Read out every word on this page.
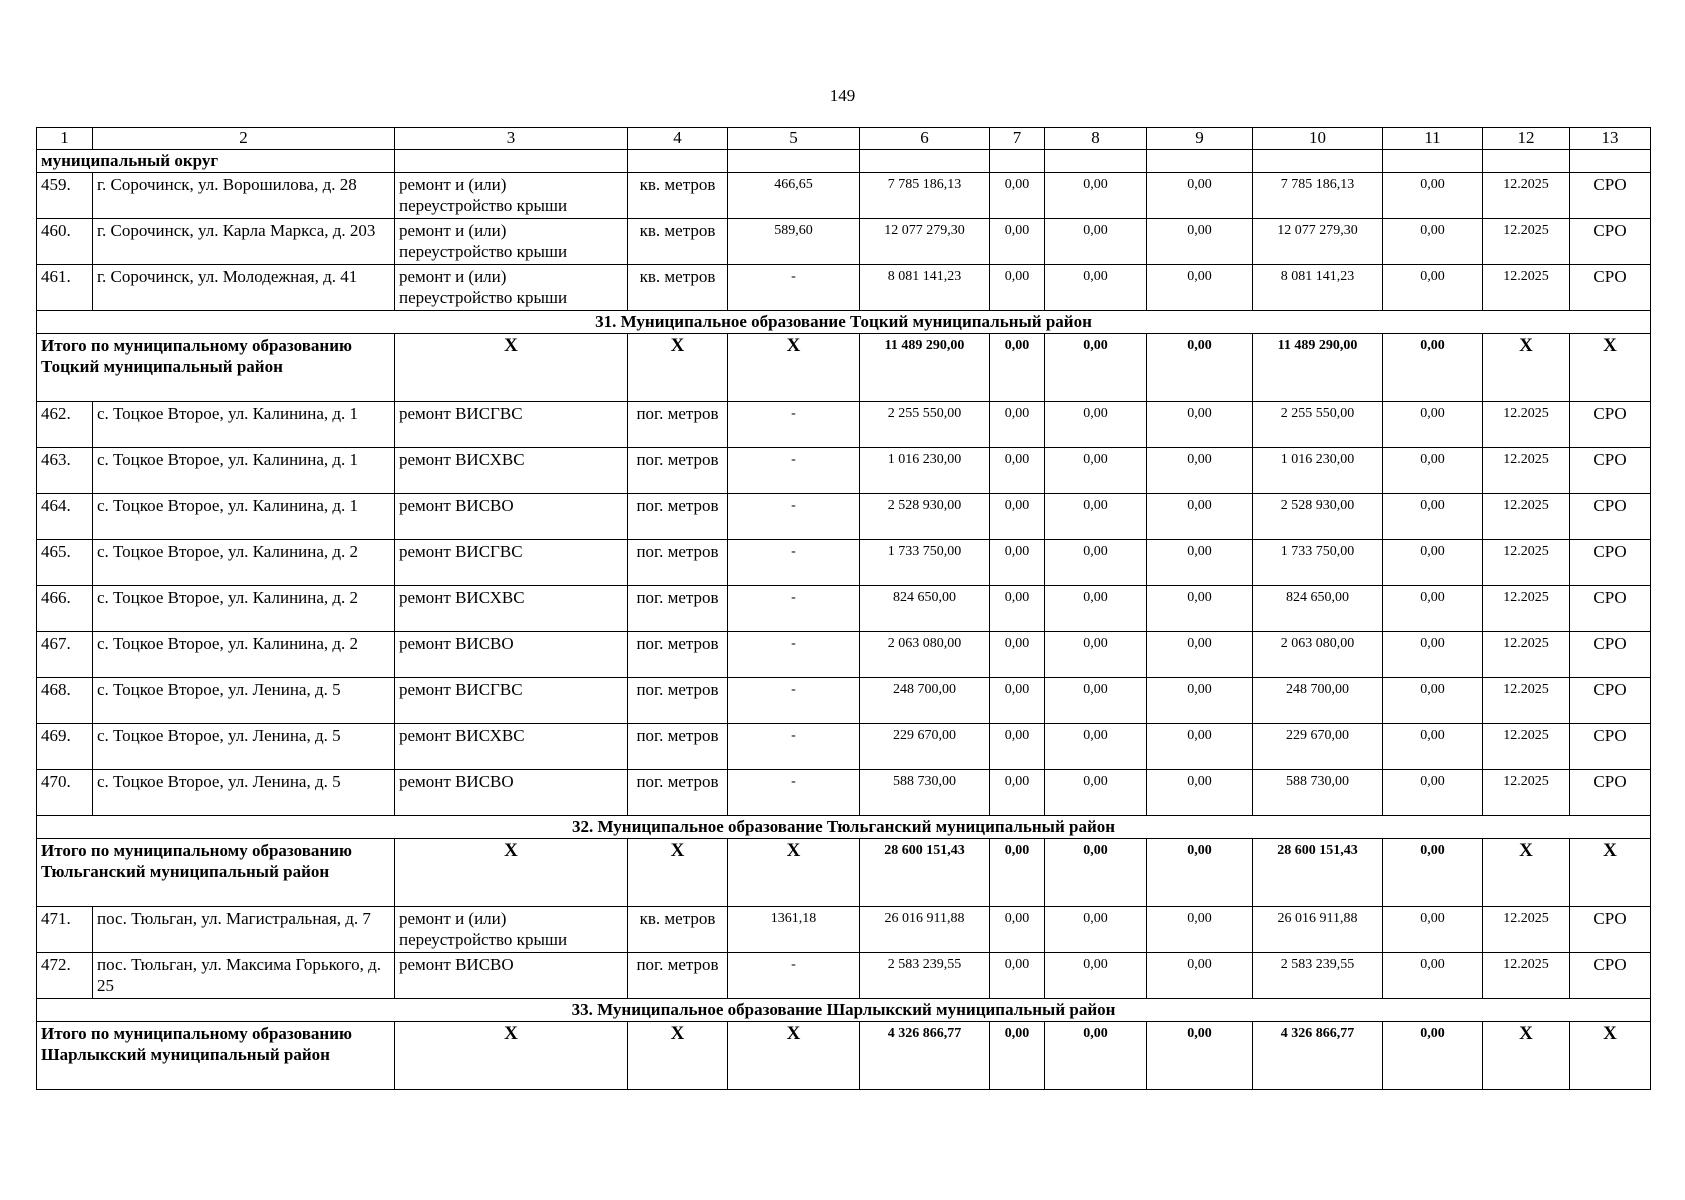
149
1	2	3	4	5	6	7	8	9	10	11	12	13
муниципальный округ												
459.	г. Сорочинск, ул. Ворошилова, д. 28	ремонт и (или) переустройство крыши	кв. метров	466,65	7 785 186,13	0,00	0,00	0,00	7 785 186,13	0,00	12.2025	СРО
460.	г. Сорочинск, ул. Карла Маркса, д. 203	ремонт и (или) переустройство крыши	кв. метров	589,60	12 077 279,30	0,00	0,00	0,00	12 077 279,30	0,00	12.2025	СРО
461.	г. Сорочинск, ул. Молодежная, д. 41	ремонт и (или) переустройство крыши	кв. метров	-	8 081 141,23	0,00	0,00	0,00	8 081 141,23	0,00	12.2025	СРО
31. Муниципальное образование Тоцкий муниципальный район												
Итого по муниципальному образованию Тоцкий муниципальный район		Х	Х	Х	11 489 290,00	0,00	0,00	0,00	11 489 290,00	0,00	Х	Х
462.	с. Тоцкое Второе, ул. Калинина, д. 1	ремонт ВИСГВС	пог. метров	-	2 255 550,00	0,00	0,00	0,00	2 255 550,00	0,00	12.2025	СРО
463.	с. Тоцкое Второе, ул. Калинина, д. 1	ремонт ВИСХВС	пог. метров	-	1 016 230,00	0,00	0,00	0,00	1 016 230,00	0,00	12.2025	СРО
464.	с. Тоцкое Второе, ул. Калинина, д. 1	ремонт ВИСВО	пог. метров	-	2 528 930,00	0,00	0,00	0,00	2 528 930,00	0,00	12.2025	СРО
465.	с. Тоцкое Второе, ул. Калинина, д. 2	ремонт ВИСГВС	пог. метров	-	1 733 750,00	0,00	0,00	0,00	1 733 750,00	0,00	12.2025	СРО
466.	с. Тоцкое Второе, ул. Калинина, д. 2	ремонт ВИСХВС	пог. метров	-	824 650,00	0,00	0,00	0,00	824 650,00	0,00	12.2025	СРО
467.	с. Тоцкое Второе, ул. Калинина, д. 2	ремонт ВИСВО	пог. метров	-	2 063 080,00	0,00	0,00	0,00	2 063 080,00	0,00	12.2025	СРО
468.	с. Тоцкое Второе, ул. Ленина, д. 5	ремонт ВИСГВС	пог. метров	-	248 700,00	0,00	0,00	0,00	248 700,00	0,00	12.2025	СРО
469.	с. Тоцкое Второе, ул. Ленина, д. 5	ремонт ВИСХВС	пог. метров	-	229 670,00	0,00	0,00	0,00	229 670,00	0,00	12.2025	СРО
470.	с. Тоцкое Второе, ул. Ленина, д. 5	ремонт ВИСВО	пог. метров	-	588 730,00	0,00	0,00	0,00	588 730,00	0,00	12.2025	СРО
32. Муниципальное образование Тюльганский муниципальный район												
Итого по муниципальному образованию Тюльганский муниципальный район		Х	Х	Х	28 600 151,43	0,00	0,00	0,00	28 600 151,43	0,00	Х	Х
471.	пос. Тюльган, ул. Магистральная, д. 7	ремонт и (или) переустройство крыши	кв. метров	1361,18	26 016 911,88	0,00	0,00	0,00	26 016 911,88	0,00	12.2025	СРО
472.	пос. Тюльган, ул. Максима Горького, д. 25	ремонт ВИСВО	пог. метров	-	2 583 239,55	0,00	0,00	0,00	2 583 239,55	0,00	12.2025	СРО
33. Муниципальное образование Шарлыкский муниципальный район												
Итого по муниципальному образованию Шарлыкский муниципальный район		Х	Х	Х	4 326 866,77	0,00	0,00	0,00	4 326 866,77	0,00	Х	Х
